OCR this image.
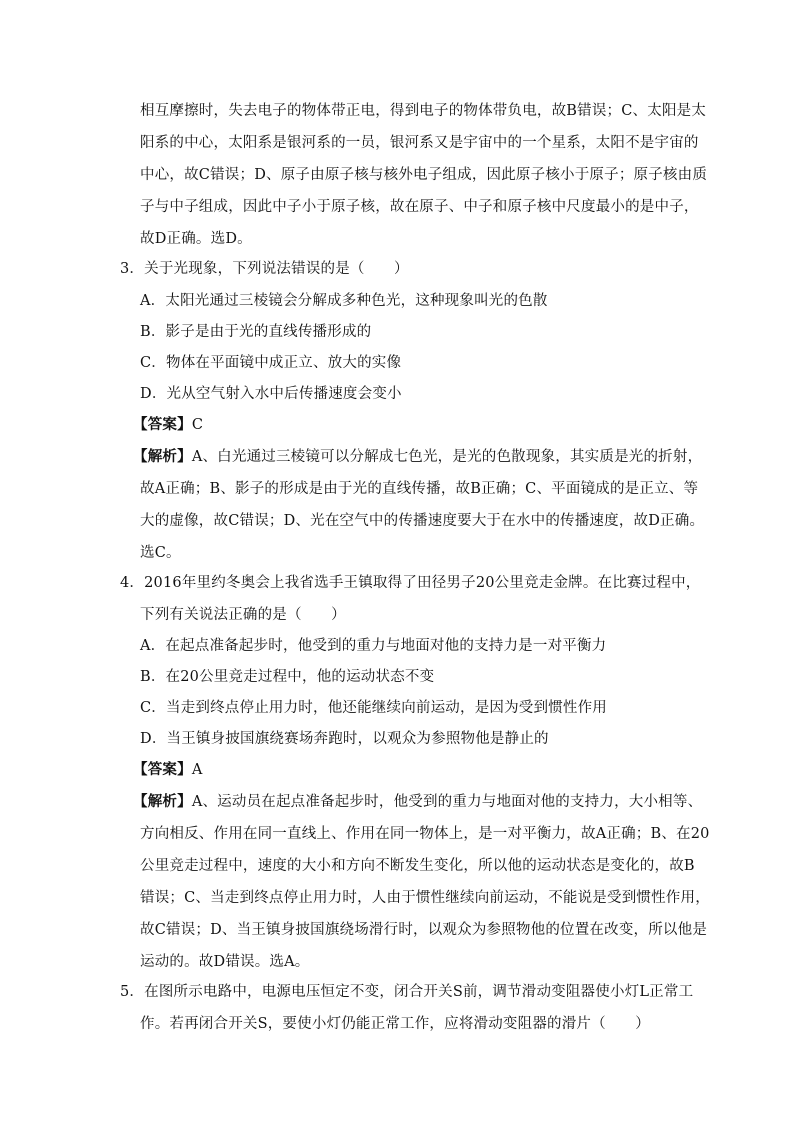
相互摩擦时，失去电子的物体带正电，得到电子的物体带负电，故B错误；C、太阳是太
阳系的中心，太阳系是银河系的一员，银河系又是宇宙中的一个星系，太阳不是宇宙的
中心，故C错误；D、原子由原子核与核外电子组成，因此原子核小于原子；原子核由质
子与中子组成，因此中子小于原子核，故在原子、中子和原子核中尺度最小的是中子，
故D正确。选D。
3．关于光现象，下列说法错误的是（　　）
A．太阳光通过三棱镜会分解成多种色光，这种现象叫光的色散
B．影子是由于光的直线传播形成的
C．物体在平面镜中成正立、放大的实像
D．光从空气射入水中后传播速度会变小
【答案】C
【解析】A、白光通过三棱镜可以分解成七色光，是光的色散现象，其实质是光的折射，
故A正确；B、影子的形成是由于光的直线传播，故B正确；C、平面镜成的是正立、等
大的虚像，故C错误；D、光在空气中的传播速度要大于在水中的传播速度，故D正确。
选C。
4．2016年里约冬奥会上我省选手王镇取得了田径男子20公里竞走金牌。在比赛过程中，
下列有关说法正确的是（　　）
A．在起点准备起步时，他受到的重力与地面对他的支持力是一对平衡力
B．在20公里竞走过程中，他的运动状态不变
C．当走到终点停止用力时，他还能继续向前运动，是因为受到惯性作用
D．当王镇身披国旗绕赛场奔跑时，以观众为参照物他是静止的
【答案】A
【解析】A、运动员在起点准备起步时，他受到的重力与地面对他的支持力，大小相等、
方向相反、作用在同一直线上、作用在同一物体上，是一对平衡力，故A正确；B、在20
公里竞走过程中，速度的大小和方向不断发生变化，所以他的运动状态是变化的，故B
错误；C、当走到终点停止用力时，人由于惯性继续向前运动，不能说是受到惯性作用，
故C错误；D、当王镇身披国旗绕场滑行时，以观众为参照物他的位置在改变，所以他是
运动的。故D错误。选A。
5．在图所示电路中，电源电压恒定不变，闭合开关S前，调节滑动变阻器使小灯L正常工
作。若再闭合开关S，要使小灯仍能正常工作，应将滑动变阻器的滑片（　　）
